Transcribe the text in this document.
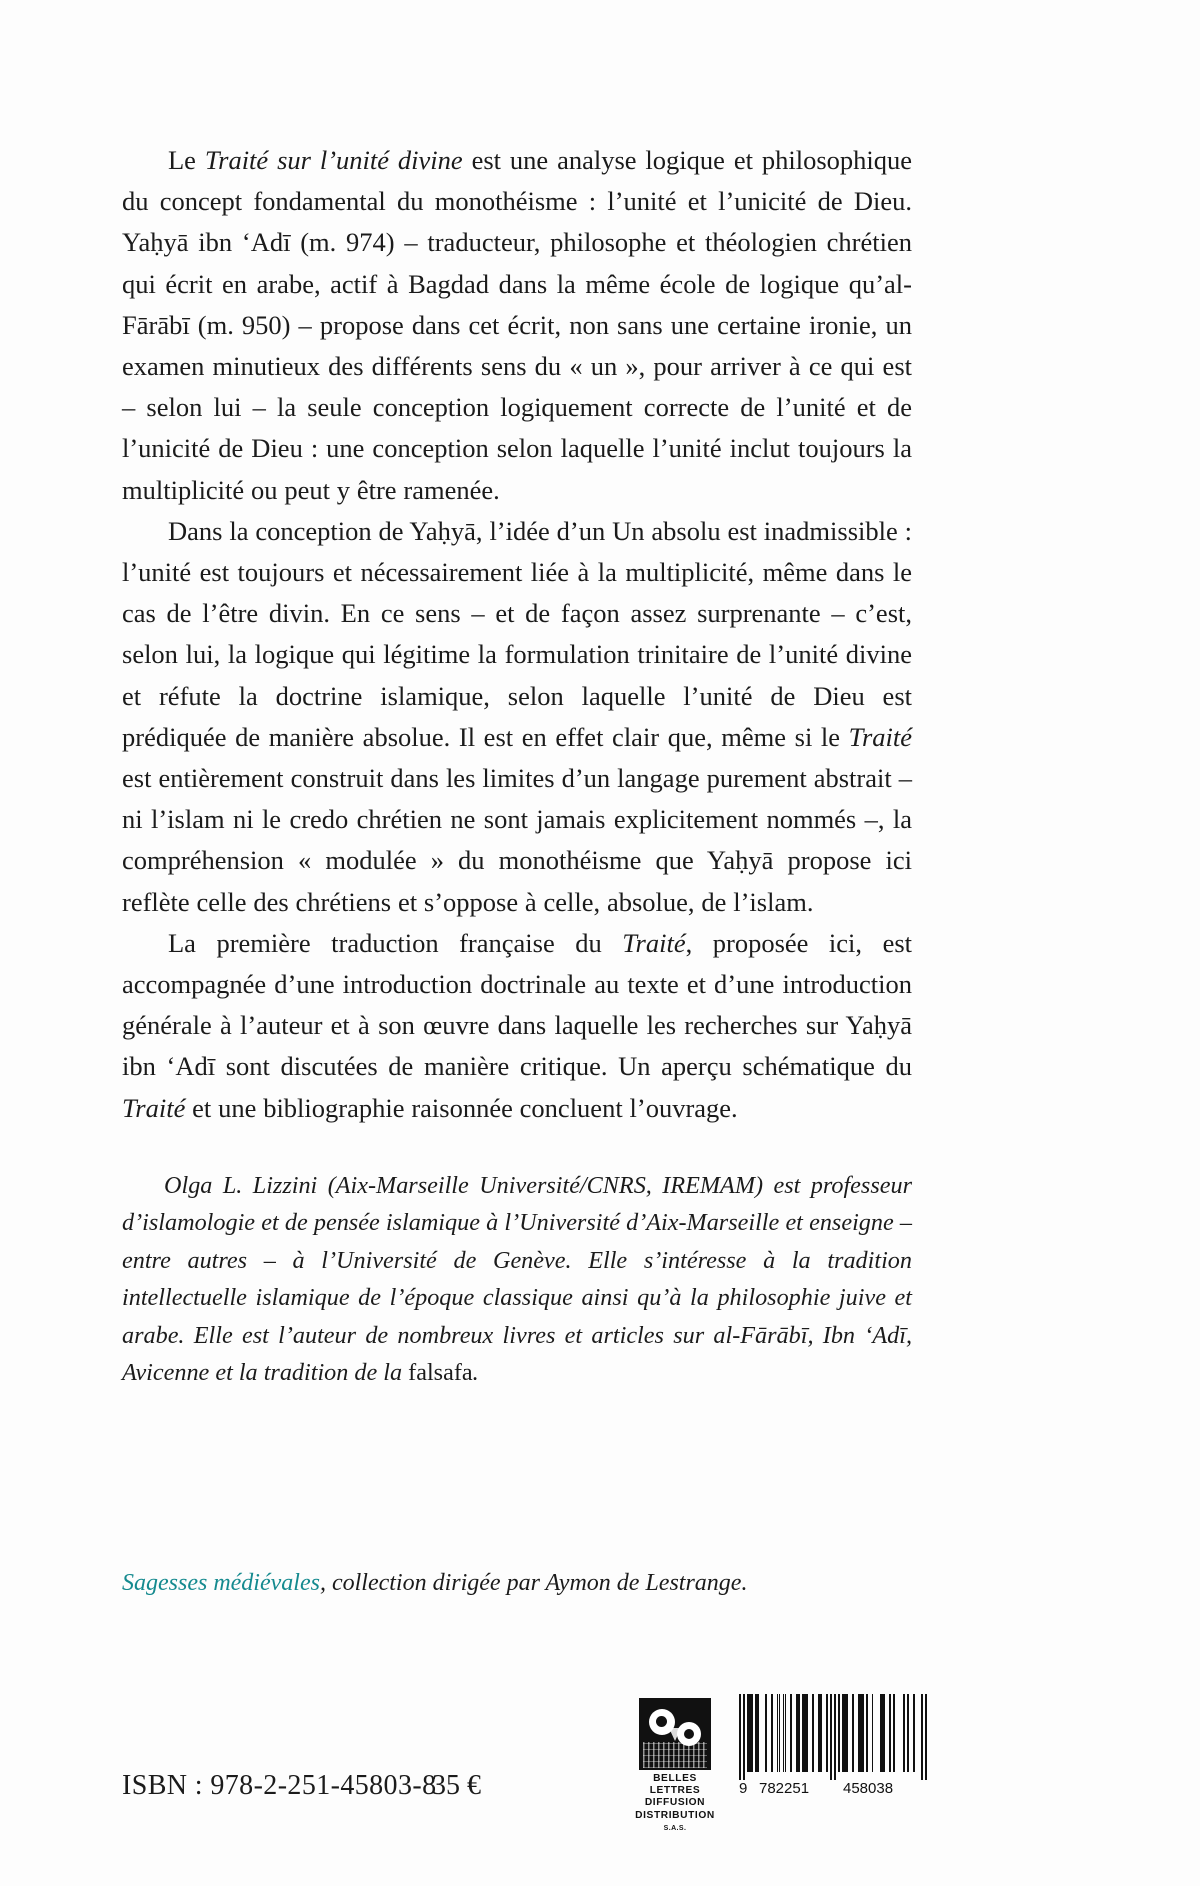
Le Traité sur l’unité divine est une analyse logique et philosophique du concept fondamental du monothéisme : l’unité et l’unicité de Dieu. Yaḥyā ibn ‘Adī (m. 974) – traducteur, philosophe et théologien chrétien qui écrit en arabe, actif à Bagdad dans la même école de logique qu’al-Fārābī (m. 950) – propose dans cet écrit, non sans une certaine ironie, un examen minutieux des différents sens du « un », pour arriver à ce qui est – selon lui – la seule conception logiquement correcte de l’unité et de l’unicité de Dieu : une conception selon laquelle l’unité inclut toujours la multiplicité ou peut y être ramenée.

Dans la conception de Yaḥyā, l’idée d’un Un absolu est inadmissible : l’unité est toujours et nécessairement liée à la multiplicité, même dans le cas de l’être divin. En ce sens – et de façon assez surprenante – c’est, selon lui, la logique qui légitime la formulation trinitaire de l’unité divine et réfute la doctrine islamique, selon laquelle l’unité de Dieu est prédiquée de manière absolue. Il est en effet clair que, même si le Traité est entièrement construit dans les limites d’un langage purement abstrait – ni l’islam ni le credo chrétien ne sont jamais explicitement nommés –, la compréhension « modulée » du monothéisme que Yaḥyā propose ici reflète celle des chrétiens et s’oppose à celle, absolue, de l’islam.

La première traduction française du Traité, proposée ici, est accompagnée d’une introduction doctrinale au texte et d’une introduction générale à l’auteur et à son œuvre dans laquelle les recherches sur Yaḥyā ibn ‘Adī sont discutées de manière critique. Un aperçu schématique du Traité et une bibliographie raisonnée concluent l’ouvrage.

Olga L. Lizzini (Aix-Marseille Université/CNRS, IREMAM) est professeur d’islamologie et de pensée islamique à l’Université d’Aix-Marseille et enseigne – entre autres – à l’Université de Genève. Elle s’intéresse à la tradition intellectuelle islamique de l’époque classique ainsi qu’à la philosophie juive et arabe. Elle est l’auteur de nombreux livres et articles sur al-Fārābī, Ibn ‘Adī, Avicenne et la tradition de la falsafa.
Sagesses médiévales, collection dirigée par Aymon de Lestrange.
ISBN : 978-2-251-45803-8
35 €	BELLES LETTRES
DIFFUSION
DISTRIBUTION
S.A.S.
9 782251 458038
